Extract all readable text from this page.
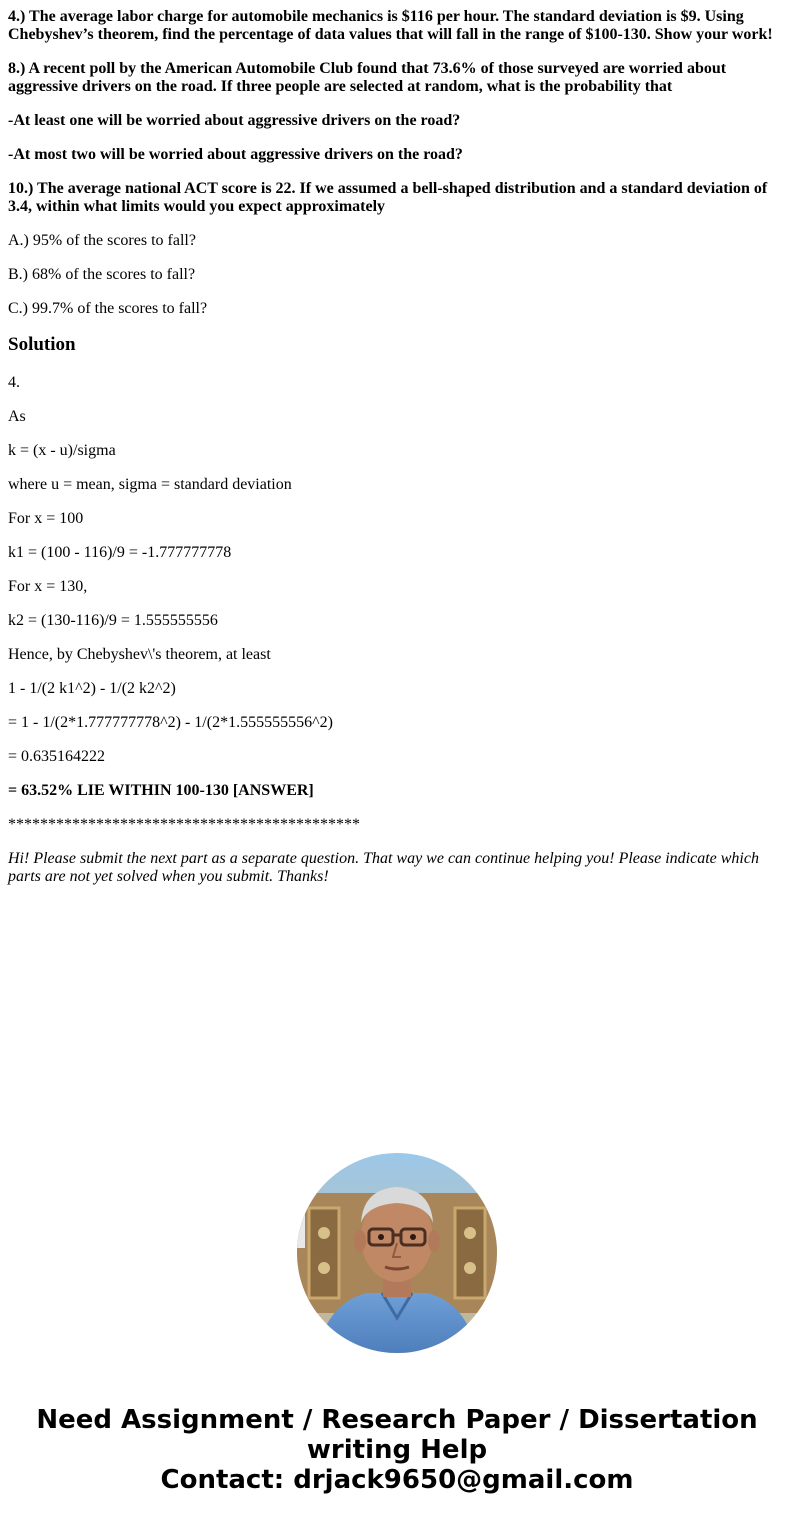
4.) The average labor charge for automobile mechanics is $116 per hour. The standard deviation is $9. Using Chebyshev’s theorem, find the percentage of data values that will fall in the range of $100-130. Show your work!

8.) A recent poll by the American Automobile Club found that 73.6% of those surveyed are worried about aggressive drivers on the road. If three people are selected at random, what is the probability that

-At least one will be worried about aggressive drivers on the road?

-At most two will be worried about aggressive drivers on the road?

10.) The average national ACT score is 22. If we assumed a bell-shaped distribution and a standard deviation of 3.4, within what limits would you expect approximately

A.) 95% of the scores to fall?

B.) 68% of the scores to fall?

C.) 99.7% of the scores to fall?

Solution

4.

As

k = (x - u)/sigma

where u = mean, sigma = standard deviation

For x = 100

k1 = (100 - 116)/9 = -1.777777778

For x = 130,

k2 = (130-116)/9 = 1.555555556

Hence, by Chebyshev\'s theorem, at least

1 - 1/(2 k1^2) - 1/(2 k2^2)

= 1 - 1/(2*1.777777778^2) - 1/(2*1.555555556^2)

= 0.635164222

= 63.52% LIE WITHIN 100-130 [ANSWER]

********************************************

Hi! Please submit the next part as a separate question. That way we can continue helping you! Please indicate which parts are not yet solved when you submit. Thanks!

Need Assignment / Research Paper / Dissertation
writing Help
Contact: drjack9650@gmail.com
